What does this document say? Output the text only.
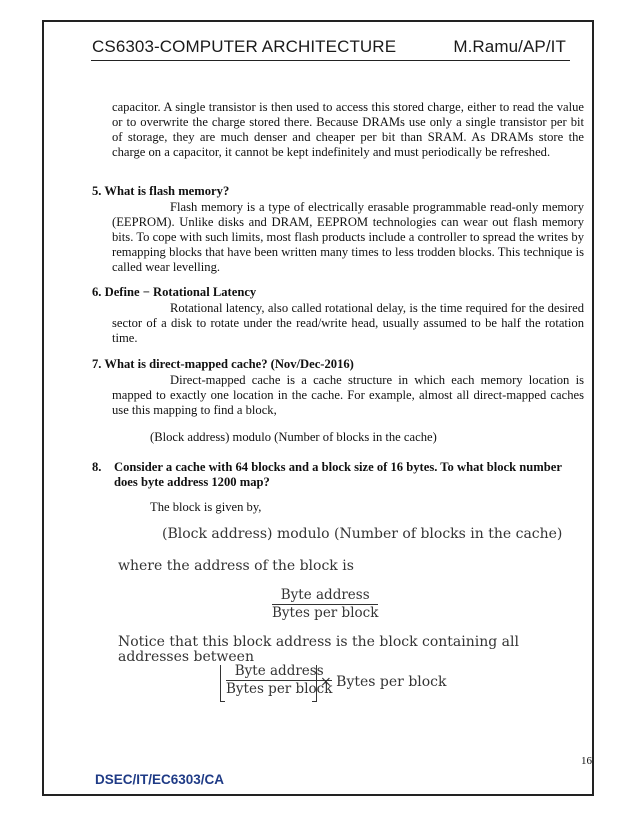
CS6303-COMPUTER ARCHITECTURE	M.Ramu/AP/IT
capacitor. A single transistor is then used to access this stored charge, either to read the value or to overwrite the charge stored there. Because DRAMs use only a single transistor per bit of storage, they are much denser and cheaper per bit than SRAM. As DRAMs store the charge on a capacitor, it cannot be kept indefinitely and must periodically be refreshed.
5. What is flash memory?
Flash memory is a type of electrically erasable programmable read-only memory (EEPROM). Unlike disks and DRAM, EEPROM technologies can wear out flash memory bits. To cope with such limits, most flash products include a controller to spread the writes by remapping blocks that have been written many times to less trodden blocks. This technique is called wear levelling.
6. Define − Rotational Latency
Rotational latency, also called rotational delay, is the time required for the desired sector of a disk to rotate under the read/write head, usually assumed to be half the rotation time.
7. What is direct-mapped cache? (Nov/Dec-2016)
Direct-mapped cache is a cache structure in which each memory location is mapped to exactly one location in the cache. For example, almost all direct-mapped caches use this mapping to find a block,
(Block address) modulo (Number of blocks in the cache)
8. Consider a cache with 64 blocks and a block size of 16 bytes. To what block number does byte address 1200 map?
The block is given by,
(Block address) modulo (Number of blocks in the cache)
where the address of the block is
Byte address
Bytes per block
Notice that this block address is the block containing all addresses between
Byte address
Bytes per block
× Bytes per block
16
DSEC/IT/EC6303/CA
